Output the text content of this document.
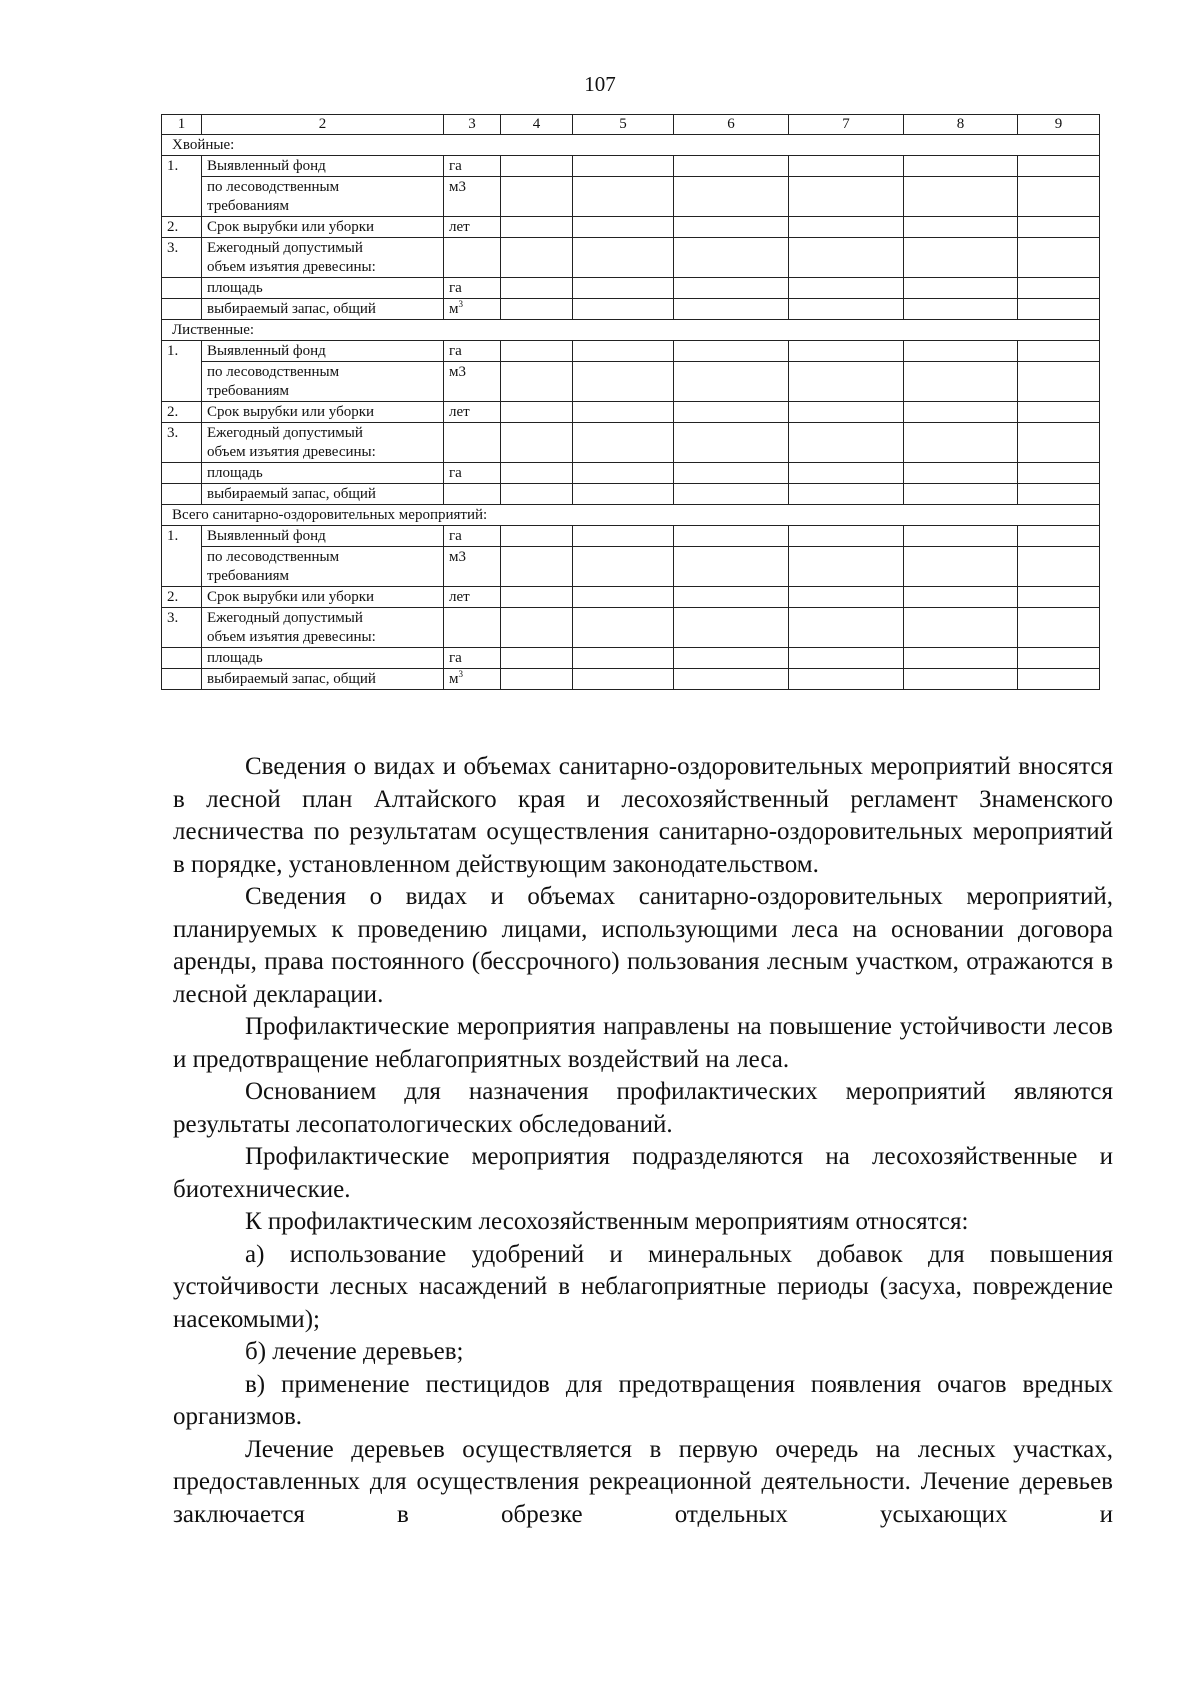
107
1	2	3	4	5	6	7	8	9
Хвойные:								
1.	Выявленный фонд	га						
	по лесоводственным
требованиям	м3						
2.	Срок вырубки или уборки	лет						
3.	Ежегодный допустимый
объем изъятия древесины:							
	площадь	га						
	выбираемый запас, общий	$м^3$						
Лиственные:								
1.	Выявленный фонд	га						
	по лесоводственным
требованиям	м3						
2.	Срок вырубки или уборки	лет						
3.	Ежегодный допустимый
объем изъятия древесины:							
	площадь	га						
	выбираемый запас, общий							
Всего санитарно-оздоровительных мероприятий:								
1.	Выявленный фонд	га						
	по лесоводственным
требованиям	м3						
2.	Срок вырубки или уборки	лет						
3.	Ежегодный допустимый
объем изъятия древесины:							
	площадь	га						
	выбираемый запас, общий	$м^3$						

Сведения о видах и объемах санитарно-оздоровительных мероприятий вносятся в лесной план Алтайского края и лесохозяйственный регламент Знаменского лесничества по результатам осуществления санитарно-оздоровительных мероприятий в порядке, установленном действующим законодательством.

Сведения о видах и объемах санитарно-оздоровительных мероприятий, планируемых к проведению лицами, использующими леса на основании договора аренды, права постоянного (бессрочного) пользования лесным участком, отражаются в лесной декларации.

Профилактические мероприятия направлены на повышение устойчивости лесов и предотвращение неблагоприятных воздействий на леса.

Основанием для назначения профилактических мероприятий являются результаты лесопатологических обследований.

Профилактические мероприятия подразделяются на лесохозяйственные и биотехнические.

К профилактическим лесохозяйственным мероприятиям относятся:

а) использование удобрений и минеральных добавок для повышения устойчивости лесных насаждений в неблагоприятные периоды (засуха, повреждение насекомыми);

б) лечение деревьев;

в) применение пестицидов для предотвращения появления очагов вредных организмов.

Лечение деревьев осуществляется в первую очередь на лесных участках, предоставленных для осуществления рекреационной деятельности. Лечение деревьев заключается в обрезке отдельных усыхающих и
